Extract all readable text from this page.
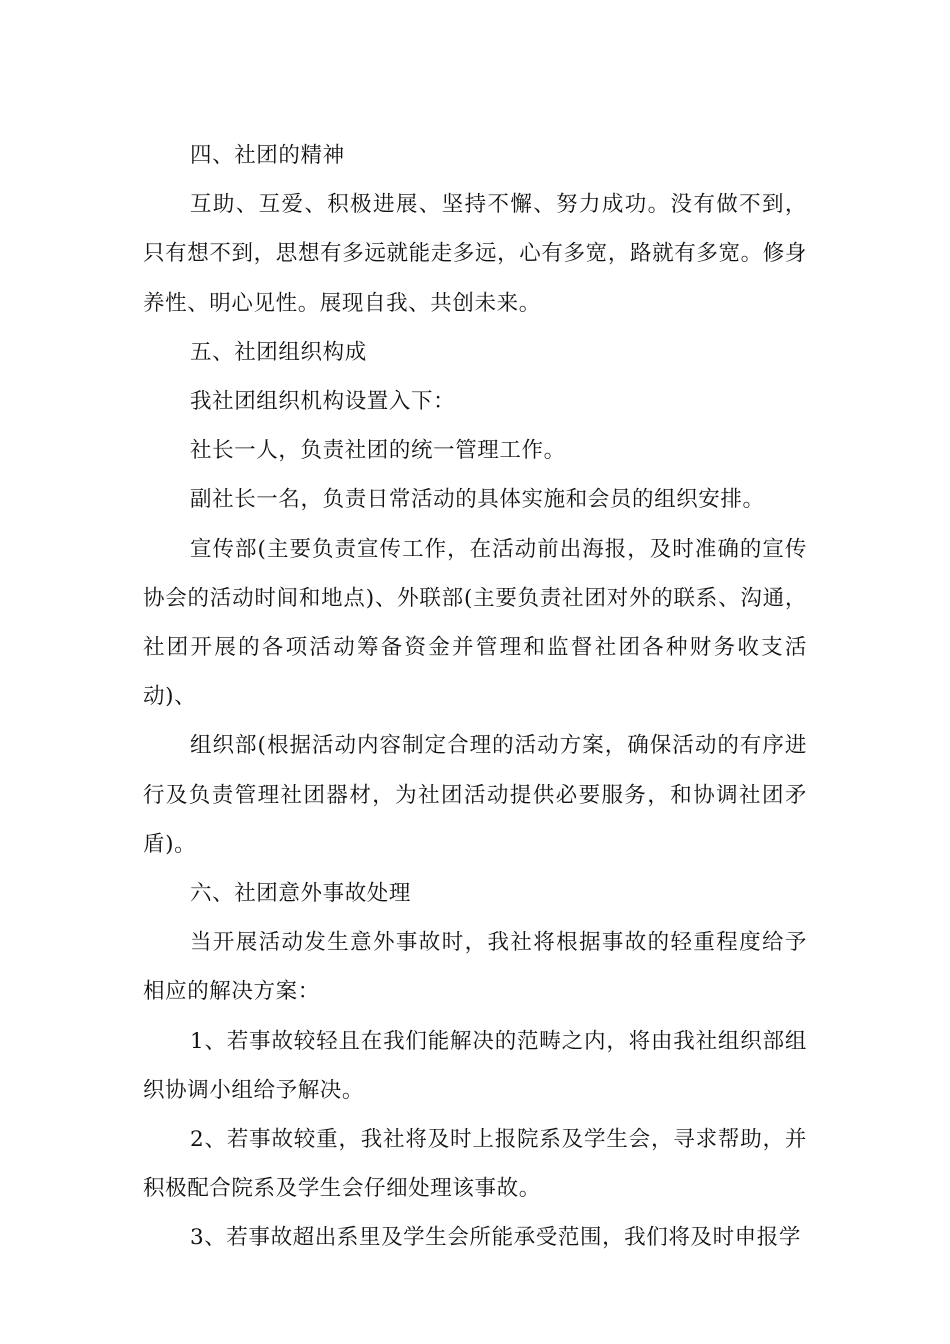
四、社团的精神

互助、互爱、积极进展、坚持不懈、努力成功。没有做不到，只有想不到，思想有多远就能走多远，心有多宽，路就有多宽。修身养性、明心见性。展现自我、共创未来。

五、社团组织构成

我社团组织机构设置入下：

社长一人，负责社团的统一管理工作。

副社长一名，负责日常活动的具体实施和会员的组织安排。

宣传部(主要负责宣传工作，在活动前出海报，及时准确的宣传协会的活动时间和地点)、外联部(主要负责社团对外的联系、沟通，社团开展的各项活动筹备资金并管理和监督社团各种财务收支活动)、

组织部(根据活动内容制定合理的活动方案，确保活动的有序进行及负责管理社团器材，为社团活动提供必要服务，和协调社团矛盾)。

六、社团意外事故处理

当开展活动发生意外事故时，我社将根据事故的轻重程度给予相应的解决方案：

1、若事故较轻且在我们能解决的范畴之内，将由我社组织部组织协调小组给予解决。

2、若事故较重，我社将及时上报院系及学生会，寻求帮助，并积极配合院系及学生会仔细处理该事故。

3、若事故超出系里及学生会所能承受范围，我们将及时申报学
